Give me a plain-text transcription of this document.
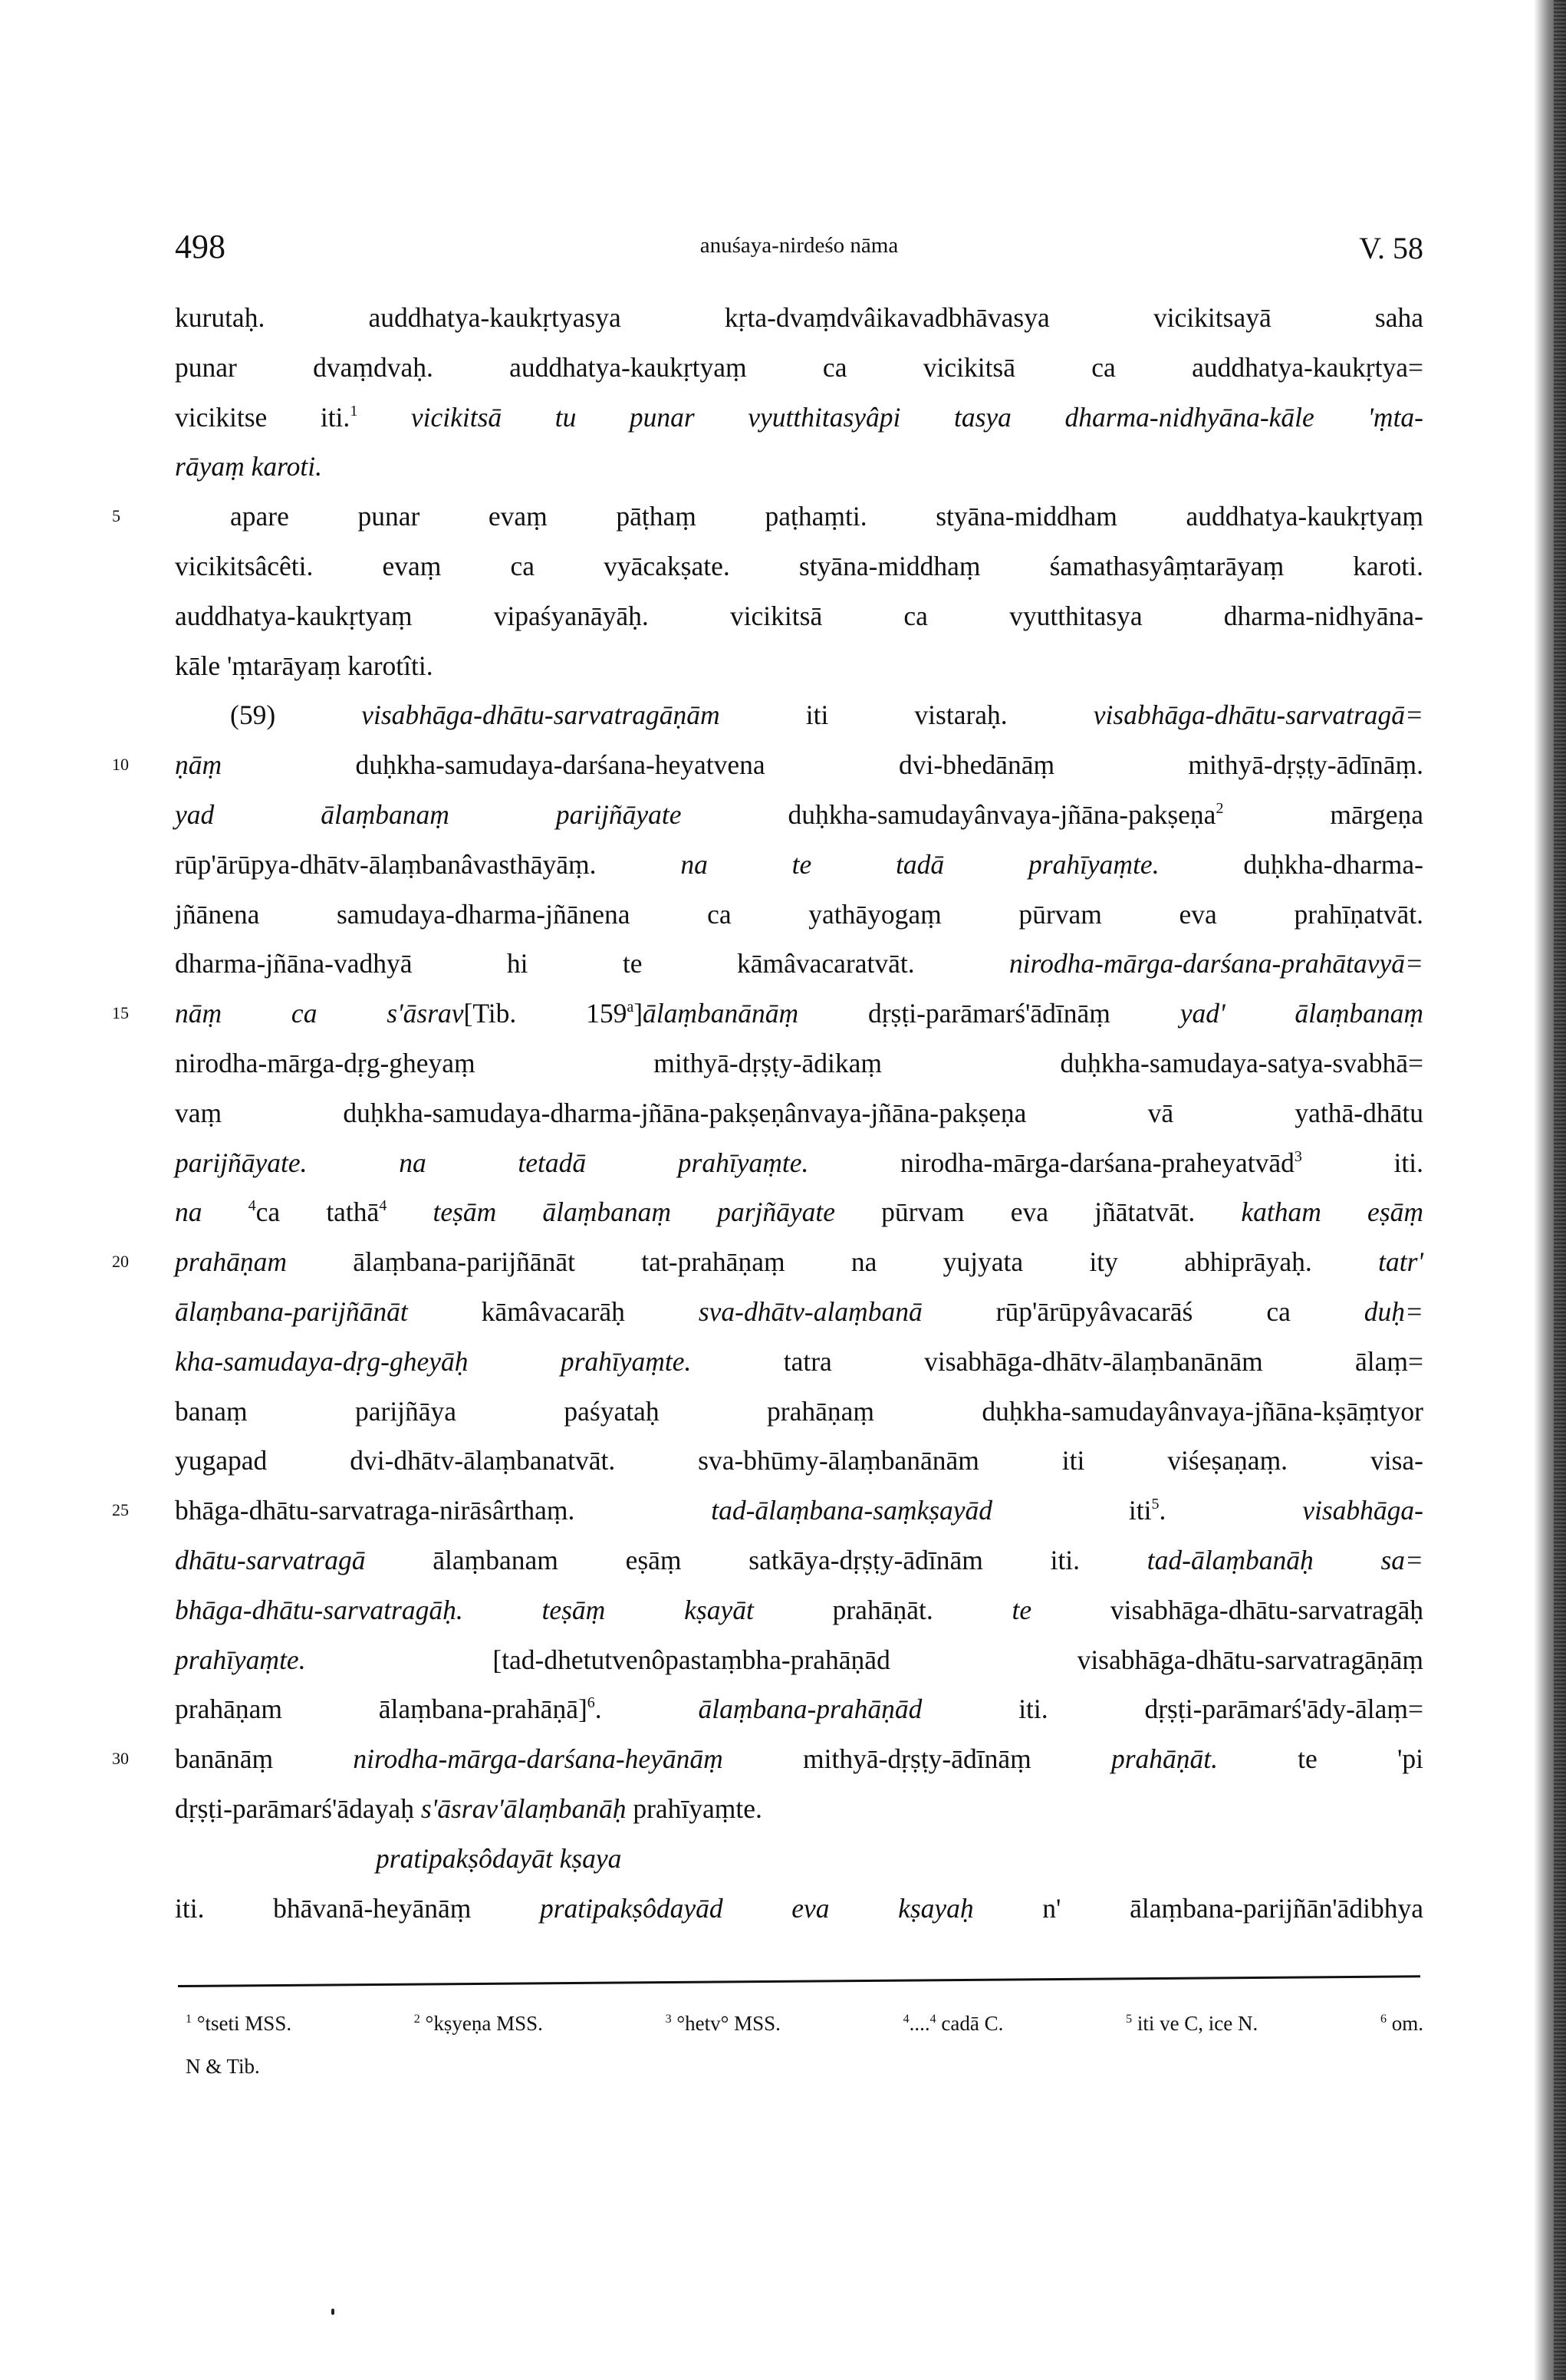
498	anuśaya-nirdeśo nāma	V. 58
kurutaḥ. auddhatya-kaukṛtyasya kṛta-dvaṃdvâikavadbhāvasya vicikitsayā saha
punar dvaṃdvaḥ. auddhatya-kaukṛtyaṃ ca vicikitsā ca auddhatya-kaukṛtya=
vicikitse iti.$^1$ vicikitsā tu punar vyutthitasyâpi tasya dharma-nidhyāna-kāle 'ṃta-
rāyaṃ karoti.
5	apare punar evaṃ pāṭhaṃ paṭhaṃti. styāna-middham auddhatya-kaukṛtyaṃ
vicikitsâcêti. evaṃ ca vyācakṣate. styāna-middhaṃ śamathasyâṃtarāyaṃ karoti.
auddhatya-kaukṛtyaṃ vipaśyanāyāḥ. vicikitsā ca vyutthitasya dharma-nidhyāna-
kāle 'ṃtarāyaṃ karotîti.
(59) visabhāga-dhātu-sarvatragāṇām iti vistaraḥ. visabhāga-dhātu-sarvatragā=
10	ṇāṃ duḥkha-samudaya-darśana-heyatvena dvi-bhedānāṃ mithyā-dṛṣṭy-ādīnāṃ.
yad ālaṃbanaṃ parijñāyate duḥkha-samudayânvaya-jñāna-pakṣeṇa$^2$ mārgeṇa
rūp'ārūpya-dhātv-ālaṃbanâvasthāyāṃ. na te tadā prahīyaṃte. duḥkha-dharma-
jñānena samudaya-dharma-jñānena ca yathāyogaṃ pūrvam eva prahīṇatvāt.
dharma-jñāna-vadhyā hi te kāmâvacaratvāt. nirodha-mārga-darśana-prahātavyā=
15	nāṃ ca s'āsrav[Tib. 159$^a$]ālaṃbanānāṃ dṛṣṭi-parāmarś'ādīnāṃ yad' ālaṃbanaṃ
nirodha-mārga-dṛg-gheyaṃ mithyā-dṛṣṭy-ādikaṃ duḥkha-samudaya-satya-svabhā=
vaṃ duḥkha-samudaya-dharma-jñāna-pakṣeṇânvaya-jñāna-pakṣeṇa vā yathā-dhātu
parijñāyate. na tetadā prahīyaṃte. nirodha-mārga-darśana-praheyatvād$^3$ iti.
na $^4$ca tathā$^4$ teṣām ālaṃbanaṃ parjñāyate pūrvam eva jñātatvāt. katham eṣāṃ
20	prahāṇam ālaṃbana-parijñānāt tat-prahāṇaṃ na yujyata ity abhiprāyaḥ. tatr'
ālaṃbana-parijñānāt kāmâvacarāḥ sva-dhātv-alaṃbanā rūp'ārūpyâvacarāś ca duḥ=
kha-samudaya-dṛg-gheyāḥ prahīyaṃte. tatra visabhāga-dhātv-ālaṃbanānām ālaṃ=
banaṃ parijñāya paśyataḥ prahāṇaṃ duḥkha-samudayânvaya-jñāna-kṣāṃtyor
yugapad dvi-dhātv-ālaṃbanatvāt. sva-bhūmy-ālaṃbanānām iti viśeṣaṇaṃ. visa-
25	bhāga-dhātu-sarvatraga-nirāsârthaṃ. tad-ālaṃbana-saṃkṣayād iti$^5$. visabhāga-
dhātu-sarvatragā ālaṃbanam eṣāṃ satkāya-dṛṣṭy-ādīnām iti. tad-ālaṃbanāḥ sa=
bhāga-dhātu-sarvatragāḥ. teṣāṃ kṣayāt prahāṇāt. te visabhāga-dhātu-sarvatragāḥ
prahīyaṃte. [tad-dhetutvenôpastaṃbha-prahāṇād visabhāga-dhātu-sarvatragāṇāṃ
prahāṇam ālaṃbana-prahāṇā]$^6$. ālaṃbana-prahāṇād iti. dṛṣṭi-parāmarś'ādy-ālaṃ=
30	banānāṃ nirodha-mārga-darśana-heyānāṃ mithyā-dṛṣṭy-ādīnāṃ prahāṇāt. te 'pi
dṛṣṭi-parāmarś'ādayaḥ s'āsrav'ālaṃbanāḥ prahīyaṃte.
pratipakṣôdayāt kṣaya
iti. bhāvanā-heyānāṃ pratipakṣôdayād eva kṣayaḥ n' ālaṃbana-parijñān'ādibhya
$^1$ °tseti MSS.	$^2$ °kṣyeṇa MSS.	$^3$ °hetv° MSS.	$^4$....$^4$ cadā C.	$^5$ iti ve C, ice N.	$^6$ om.
N & Tib.
